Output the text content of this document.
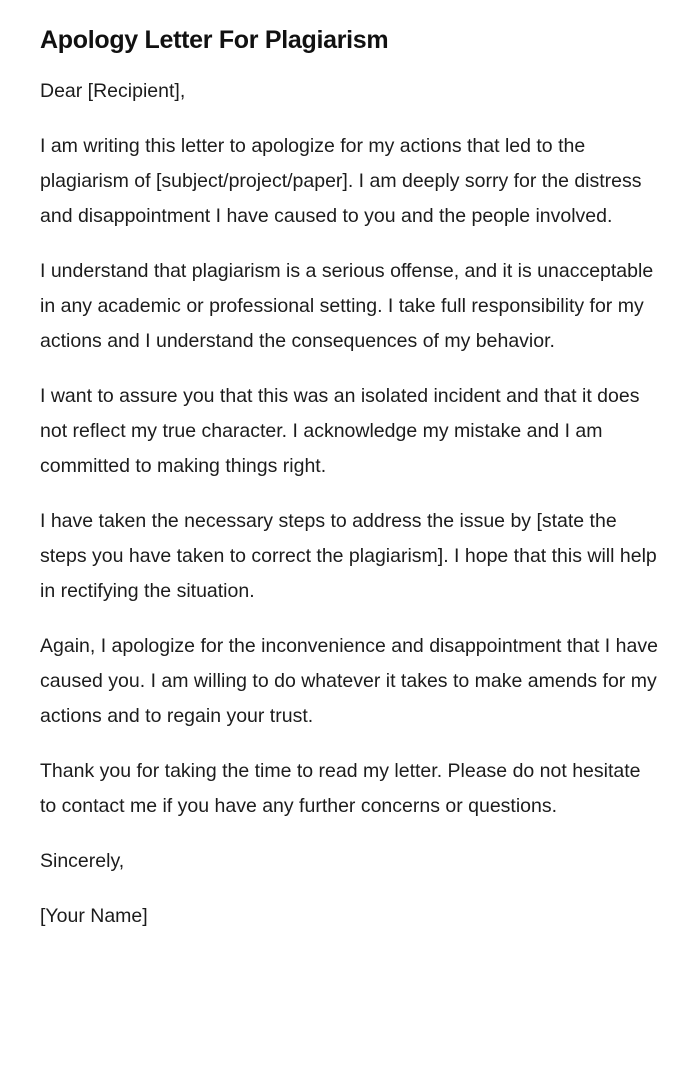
Apology Letter For Plagiarism

Dear [Recipient],

I am writing this letter to apologize for my actions that led to the plagiarism of [subject/project/paper]. I am deeply sorry for the distress and disappointment I have caused to you and the people involved.

I understand that plagiarism is a serious offense, and it is unacceptable in any academic or professional setting. I take full responsibility for my actions and I understand the consequences of my behavior.

I want to assure you that this was an isolated incident and that it does not reflect my true character. I acknowledge my mistake and I am committed to making things right.

I have taken the necessary steps to address the issue by [state the steps you have taken to correct the plagiarism]. I hope that this will help in rectifying the situation.

Again, I apologize for the inconvenience and disappointment that I have caused you. I am willing to do whatever it takes to make amends for my actions and to regain your trust.

Thank you for taking the time to read my letter. Please do not hesitate to contact me if you have any further concerns or questions.

Sincerely,

[Your Name]
